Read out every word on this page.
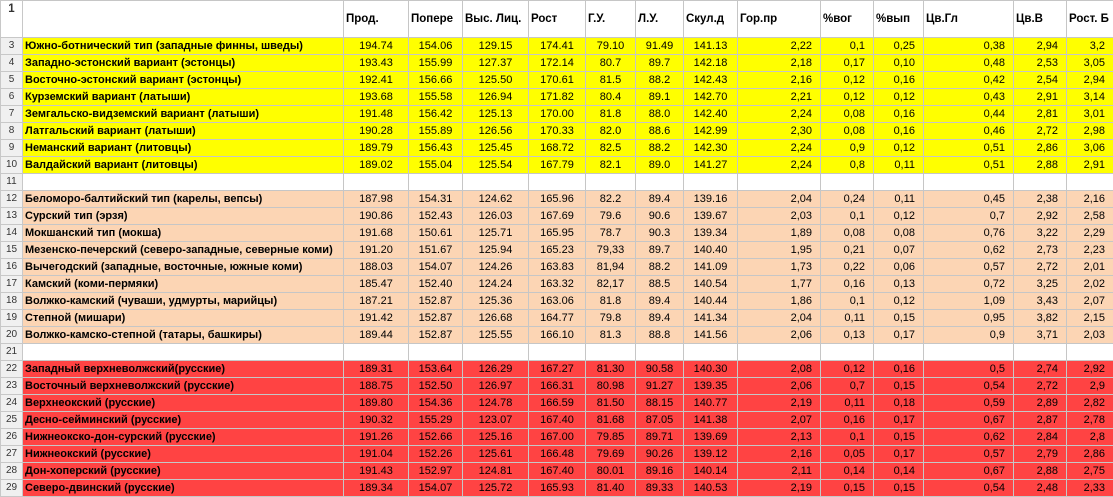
1		Прод.	Попере	Выс. Лиц.	Рост	Г.У.	Л.У.	Скул.д	Гор.пр	%вог	%вып	Цв.Гл	Цв.В	Рост. Б
3	Южно-ботнический тип (западные финны, шведы)	194.74	154.06	129.15	174.41	79.10	91.49	141.13	2,22	0,1	0,25	0,38	2,94	3,2
4	Западно-эстонский вариант (эстонцы)	193.43	155.99	127.37	172.14	80.7	89.7	142.18	2,18	0,17	0,10	0,48	2,53	3,05
5	Восточно-эстонский вариант (эстонцы)	192.41	156.66	125.50	170.61	81.5	88.2	142.43	2,16	0,12	0,16	0,42	2,54	2,94
6	Курземский вариант (латыши)	193.68	155.58	126.94	171.82	80.4	89.1	142.70	2,21	0,12	0,12	0,43	2,91	3,14
7	Земгальско-видземский вариант (латыши)	191.48	156.42	125.13	170.00	81.8	88.0	142.40	2,24	0,08	0,16	0,44	2,81	3,01
8	Латгальский вариант (латыши)	190.28	155.89	126.56	170.33	82.0	88.6	142.99	2,30	0,08	0,16	0,46	2,72	2,98
9	Неманский вариант (литовцы)	189.79	156.43	125.45	168.72	82.5	88.2	142.30	2,24	0,9	0,12	0,51	2,86	3,06
10	Валдайский вариант (литовцы)	189.02	155.04	125.54	167.79	82.1	89.0	141.27	2,24	0,8	0,11	0,51	2,88	2,91
11														
12	Беломоро-балтийский тип (карелы, вепсы)	187.98	154.31	124.62	165.96	82.2	89.4	139.16	2,04	0,24	0,11	0,45	2,38	2,16
13	Сурский тип (эрзя)	190.86	152.43	126.03	167.69	79.6	90.6	139.67	2,03	0,1	0,12	0,7	2,92	2,58
14	Мокшанский тип (мокша)	191.68	150.61	125.71	165.95	78.7	90.3	139.34	1,89	0,08	0,08	0,76	3,22	2,29
15	Мезенско-печерский (северо-западные, северные коми)	191.20	151.67	125.94	165.23	79,33	89.7	140.40	1,95	0,21	0,07	0,62	2,73	2,23
16	Вычегодский (западные, восточные, южные коми)	188.03	154.07	124.26	163.83	81,94	88.2	141.09	1,73	0,22	0,06	0,57	2,72	2,01
17	Камский (коми-пермяки)	185.47	152.40	124.24	163.32	82,17	88.5	140.54	1,77	0,16	0,13	0,72	3,25	2,02
18	Волжко-камский (чуваши, удмурты, марийцы)	187.21	152.87	125.36	163.06	81.8	89.4	140.44	1,86	0,1	0,12	1,09	3,43	2,07
19	Степной (мишари)	191.42	152.87	126.68	164.77	79.8	89.4	141.34	2,04	0,11	0,15	0,95	3,82	2,15
20	Волжко-камско-степной (татары, башкиры)	189.44	152.87	125.55	166.10	81.3	88.8	141.56	2,06	0,13	0,17	0,9	3,71	2,03
21														
22	Западный верхневолжский(русские)	189.31	153.64	126.29	167.27	81.30	90.58	140.30	2,08	0,12	0,16	0,5	2,74	2,92
23	Восточный верхневолжский (русские)	188.75	152.50	126.97	166.31	80.98	91.27	139.35	2,06	0,7	0,15	0,54	2,72	2,9
24	Верхнеокский (русские)	189.80	154.36	124.78	166.59	81.50	88.15	140.77	2,19	0,11	0,18	0,59	2,89	2,82
25	Десно-сейминский (русские)	190.32	155.29	123.07	167.40	81.68	87.05	141.38	2,07	0,16	0,17	0,67	2,87	2,78
26	Нижнеокско-дон-сурский (русские)	191.26	152.66	125.16	167.00	79.85	89.71	139.69	2,13	0,1	0,15	0,62	2,84	2,8
27	Нижнеокский (русские)	191.04	152.26	125.61	166.48	79.69	90.26	139.12	2,16	0,05	0,17	0,57	2,79	2,86
28	Дон-хоперский (русские)	191.43	152.97	124.81	167.40	80.01	89.16	140.14	2,11	0,14	0,14	0,67	2,88	2,75
29	Северо-двинский (русские)	189.34	154.07	125.72	165.93	81.40	89.33	140.53	2,19	0,15	0,15	0,54	2,48	2,33
